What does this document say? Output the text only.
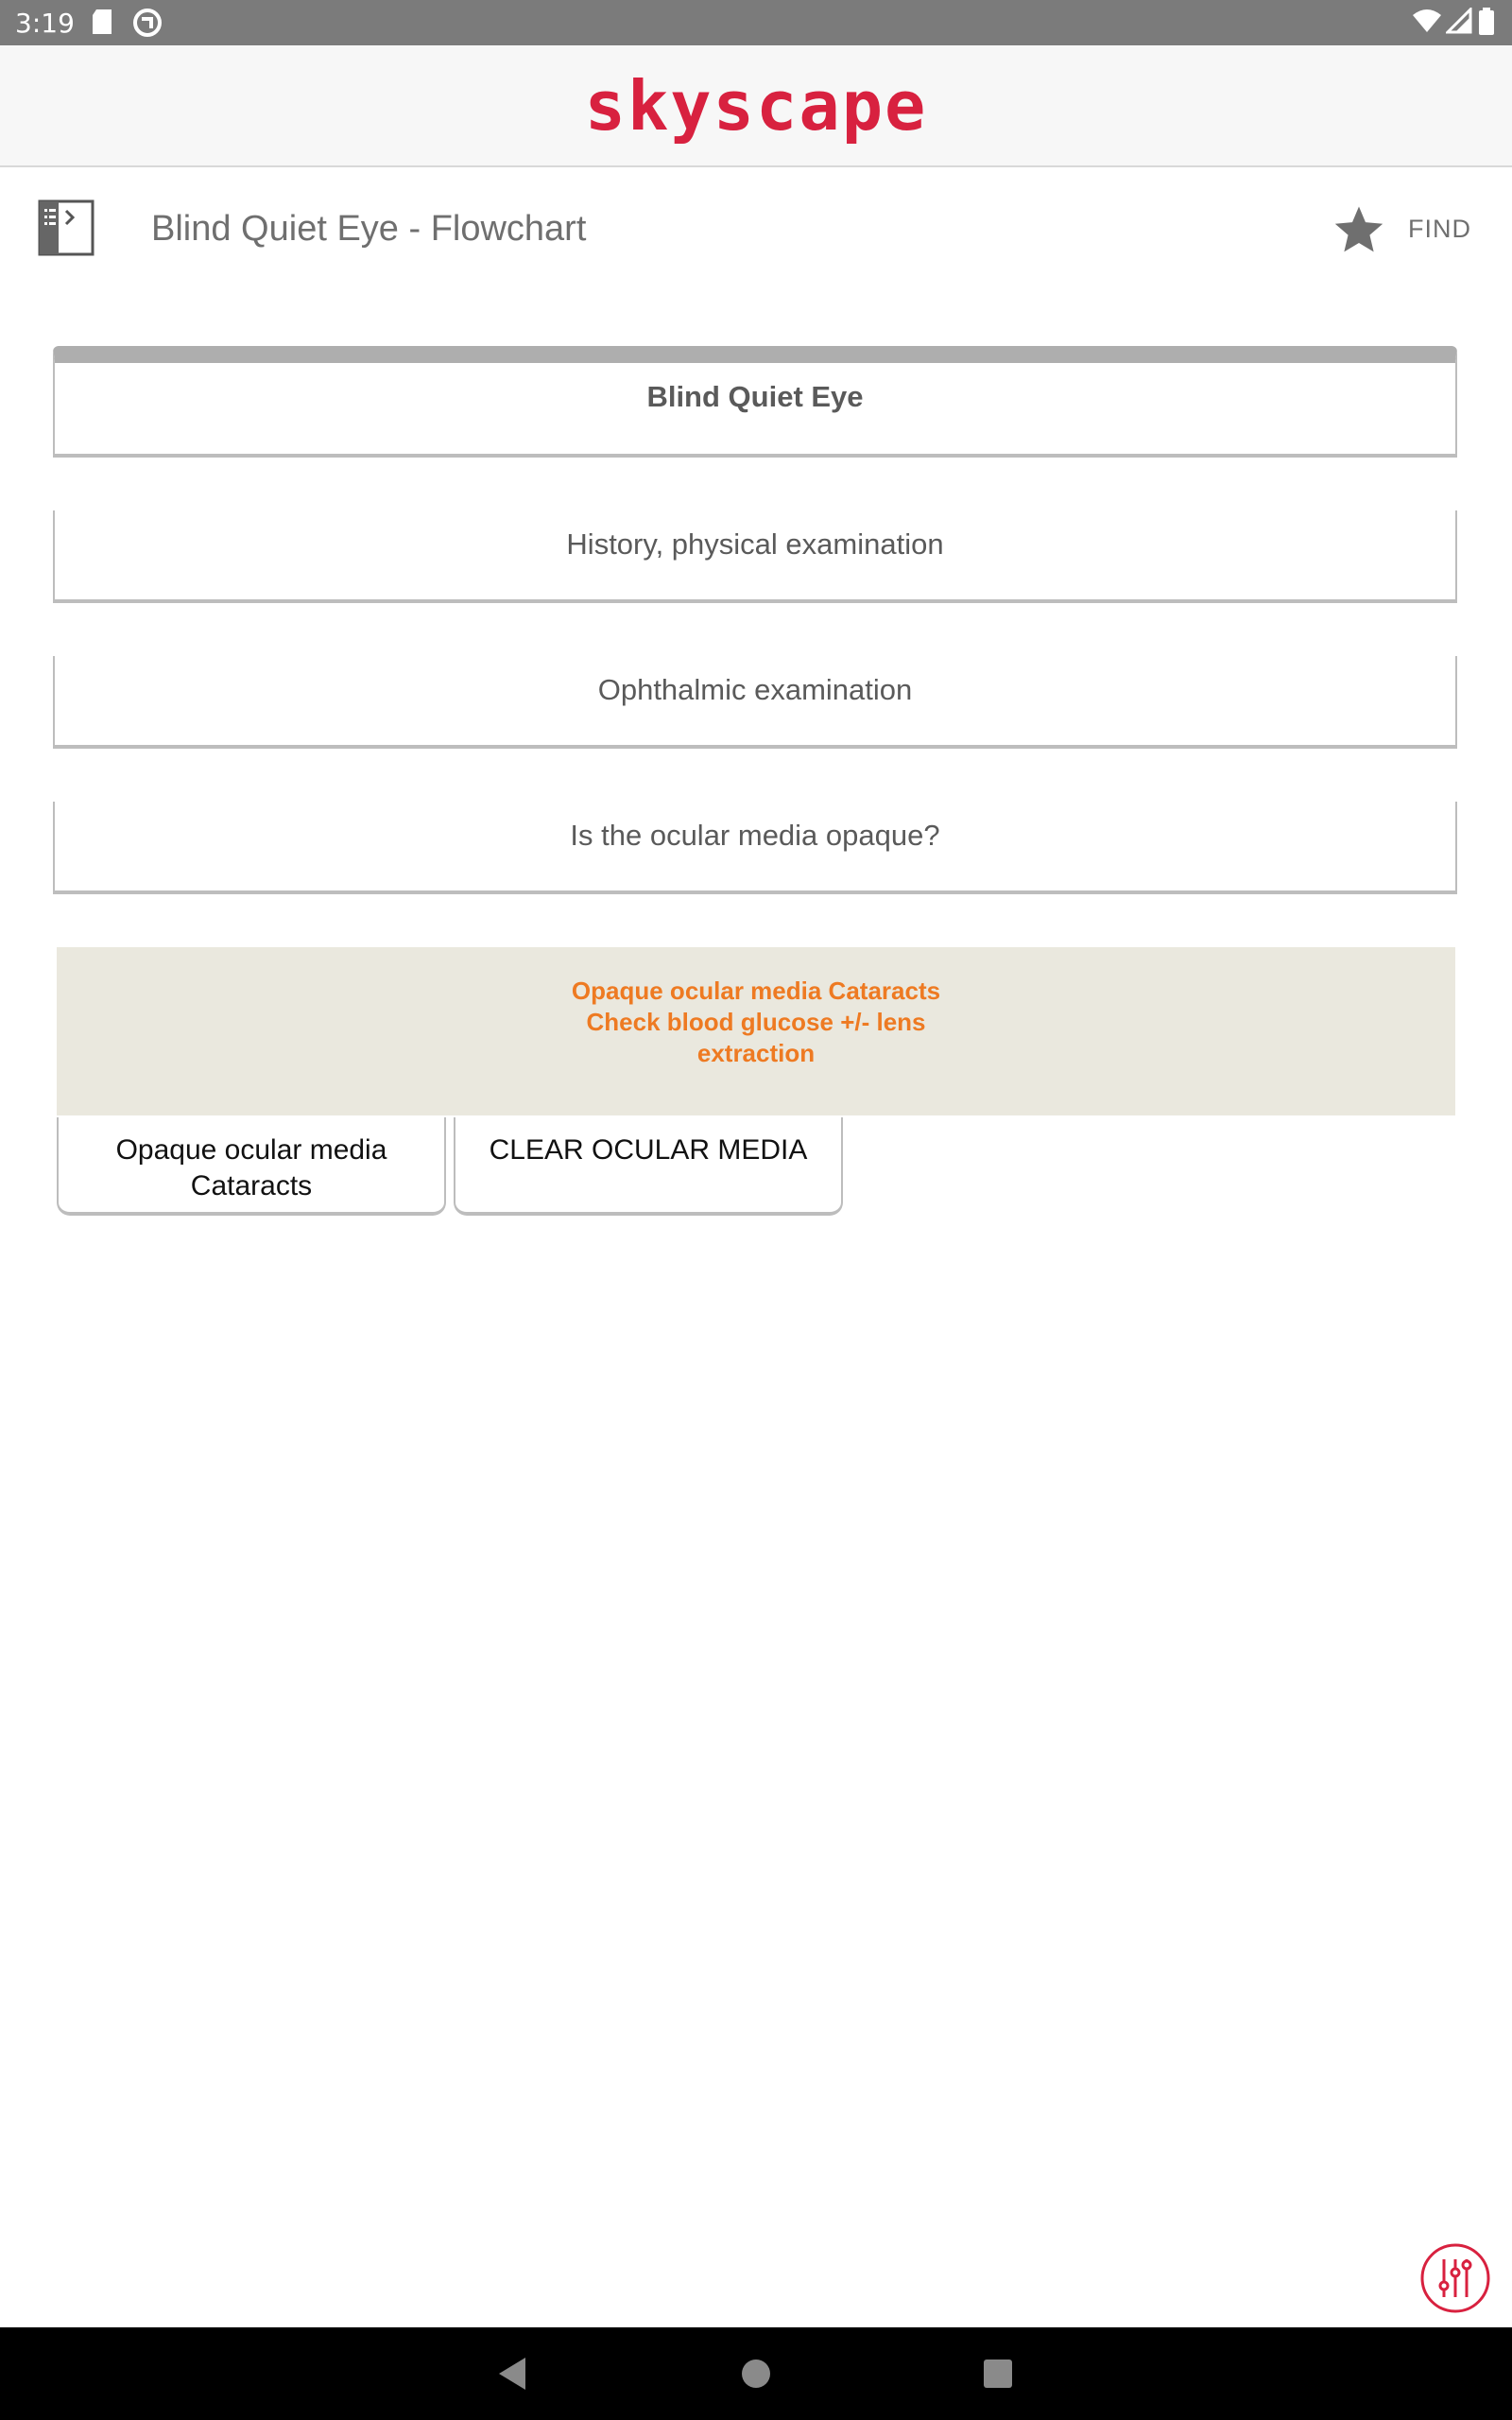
3:19
skyscape
Blind Quiet Eye - Flowchart	FIND
Blind Quiet Eye
History, physical examination
Ophthalmic examination
Is the ocular media opaque?
Opaque ocular media Cataracts
Check blood glucose +/- lens
extraction
Opaque ocular media
Cataracts
CLEAR OCULAR MEDIA
